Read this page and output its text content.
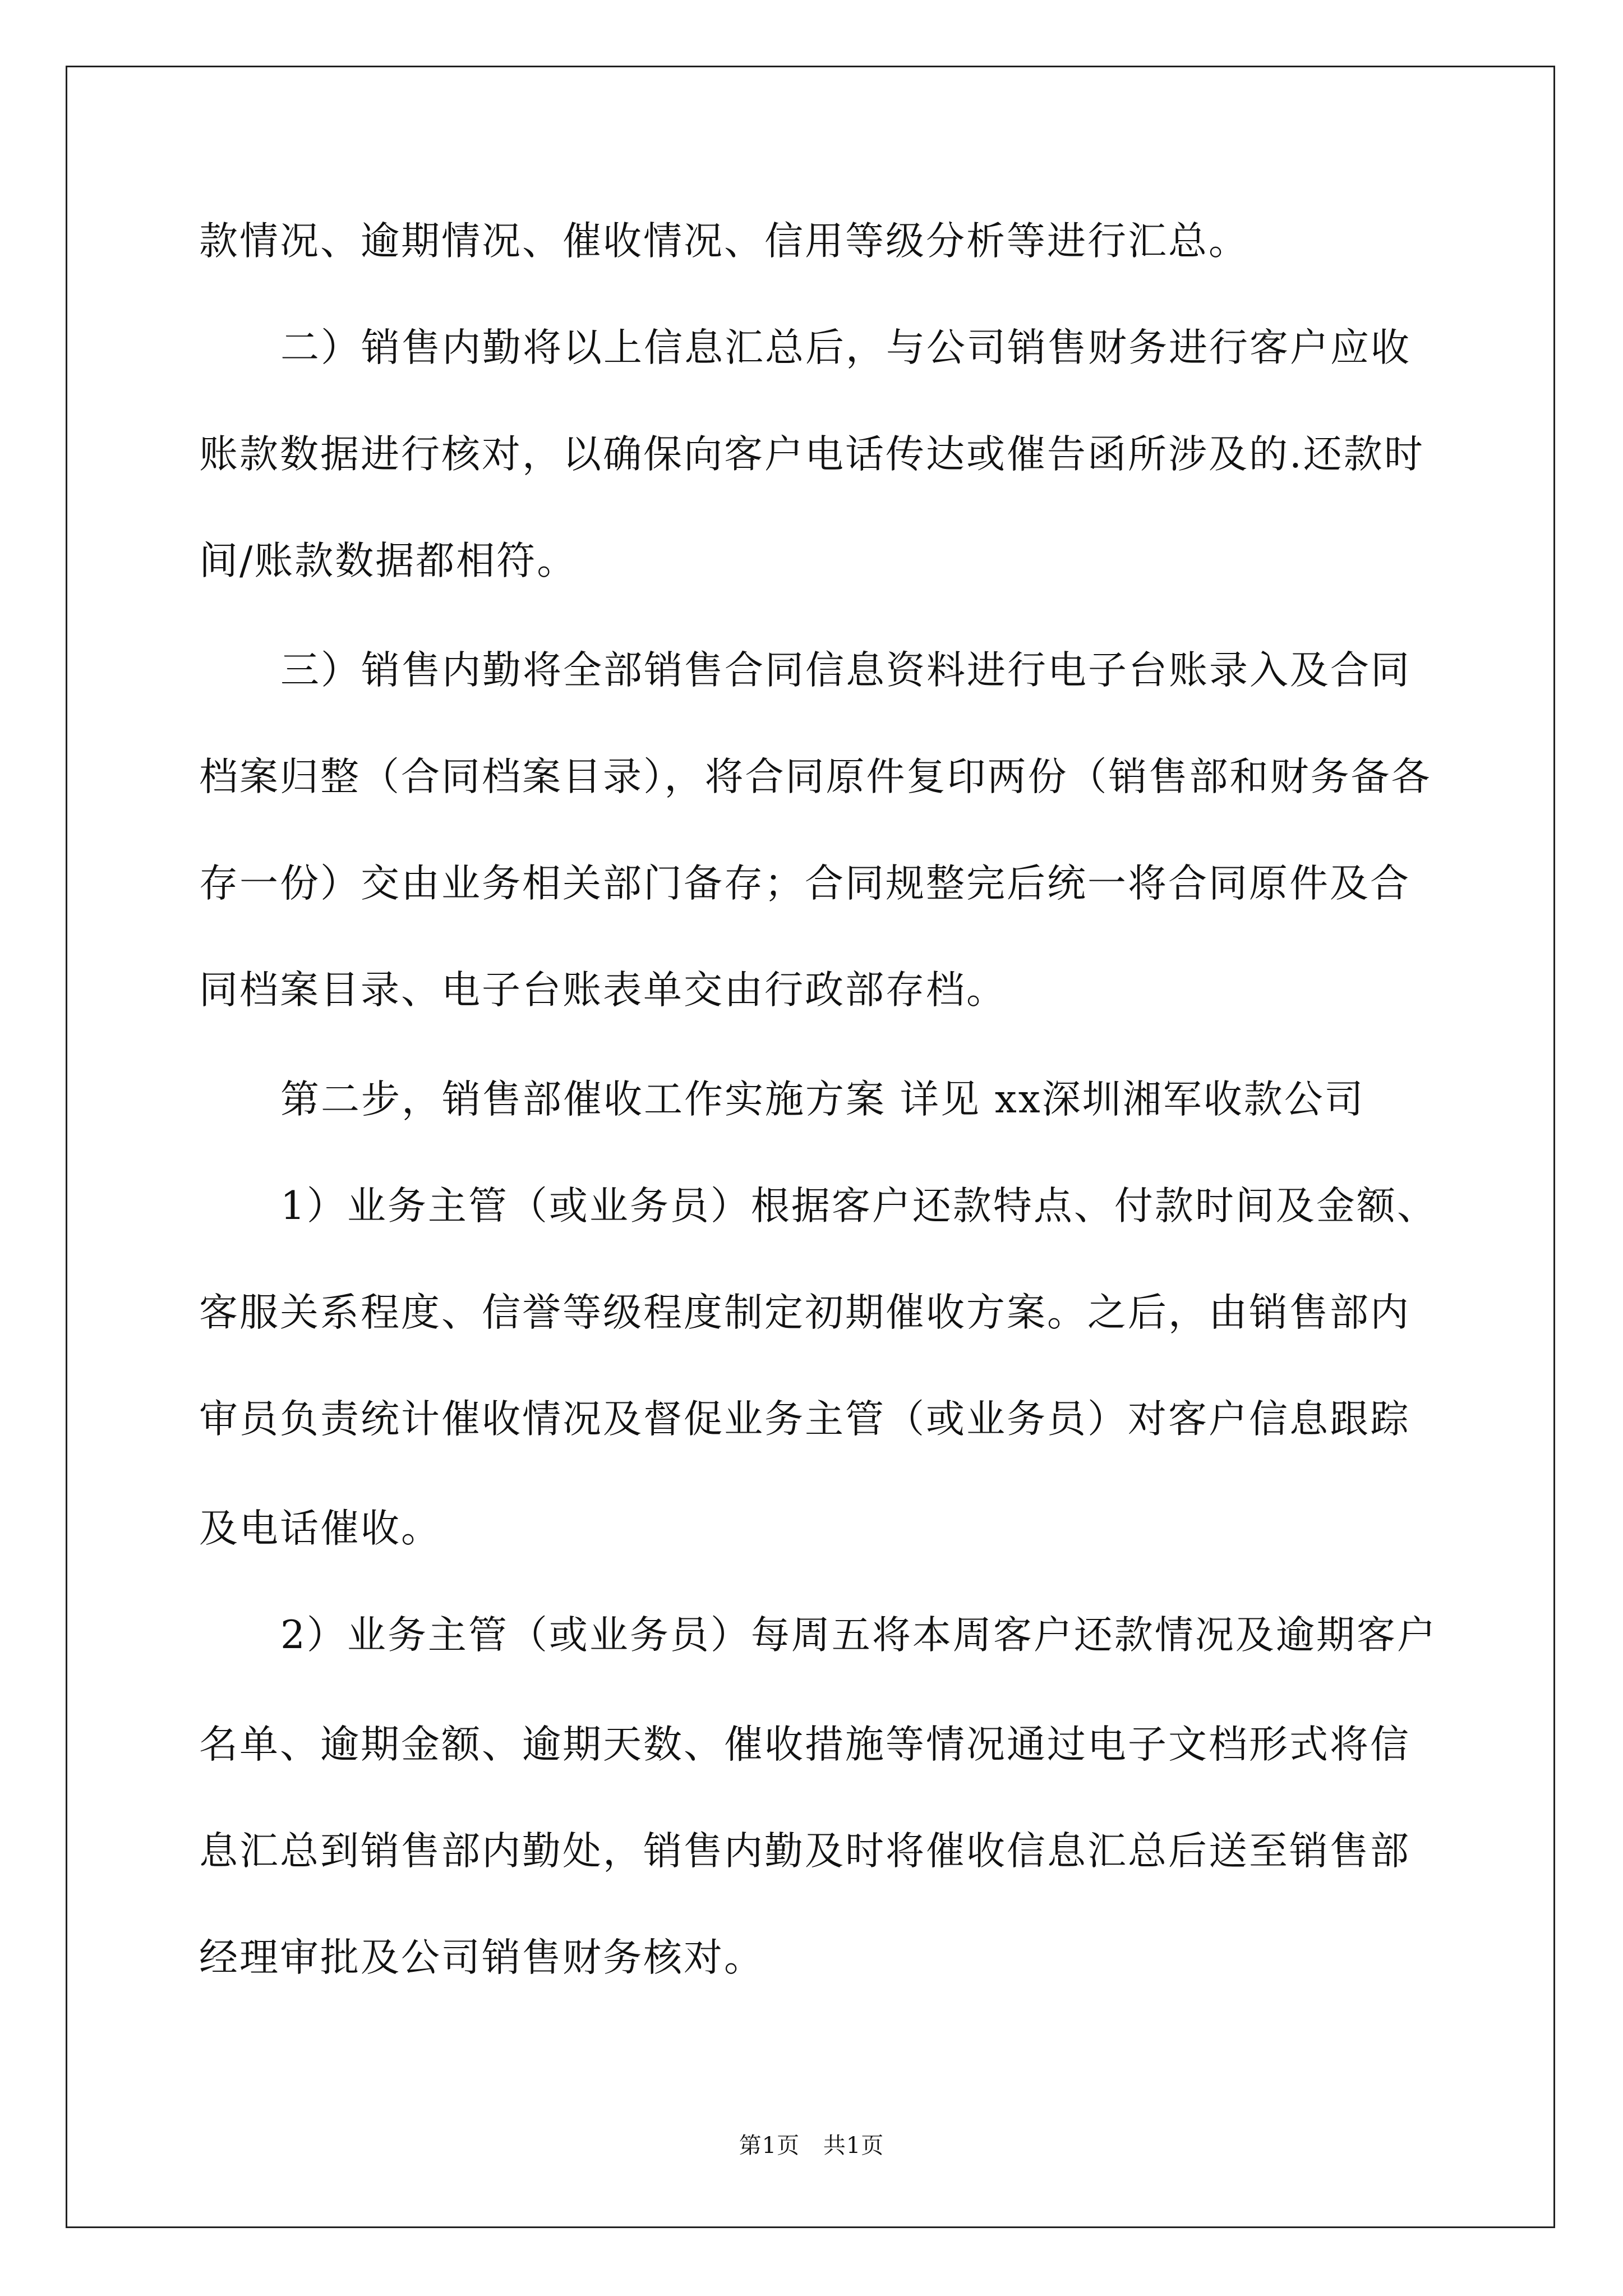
款情况、逾期情况、催收情况、信用等级分析等进行汇总。
二）销售内勤将以上信息汇总后，与公司销售财务进行客户应收
账款数据进行核对，以确保向客户电话传达或催告函所涉及的.还款时
间/账款数据都相符。
三）销售内勤将全部销售合同信息资料进行电子台账录入及合同
档案归整（合同档案目录），将合同原件复印两份（销售部和财务备各
存一份）交由业务相关部门备存；合同规整完后统一将合同原件及合
同档案目录、电子台账表单交由行政部存档。
第二步，销售部催收工作实施方案 详见 xx深圳湘军收款公司
1）业务主管（或业务员）根据客户还款特点、付款时间及金额、
客服关系程度、信誉等级程度制定初期催收方案。之后，由销售部内
审员负责统计催收情况及督促业务主管（或业务员）对客户信息跟踪
及电话催收。
2）业务主管（或业务员）每周五将本周客户还款情况及逾期客户
名单、逾期金额、逾期天数、催收措施等情况通过电子文档形式将信
息汇总到销售部内勤处，销售内勤及时将催收信息汇总后送至销售部
经理审批及公司销售财务核对。
第1页 共1页
